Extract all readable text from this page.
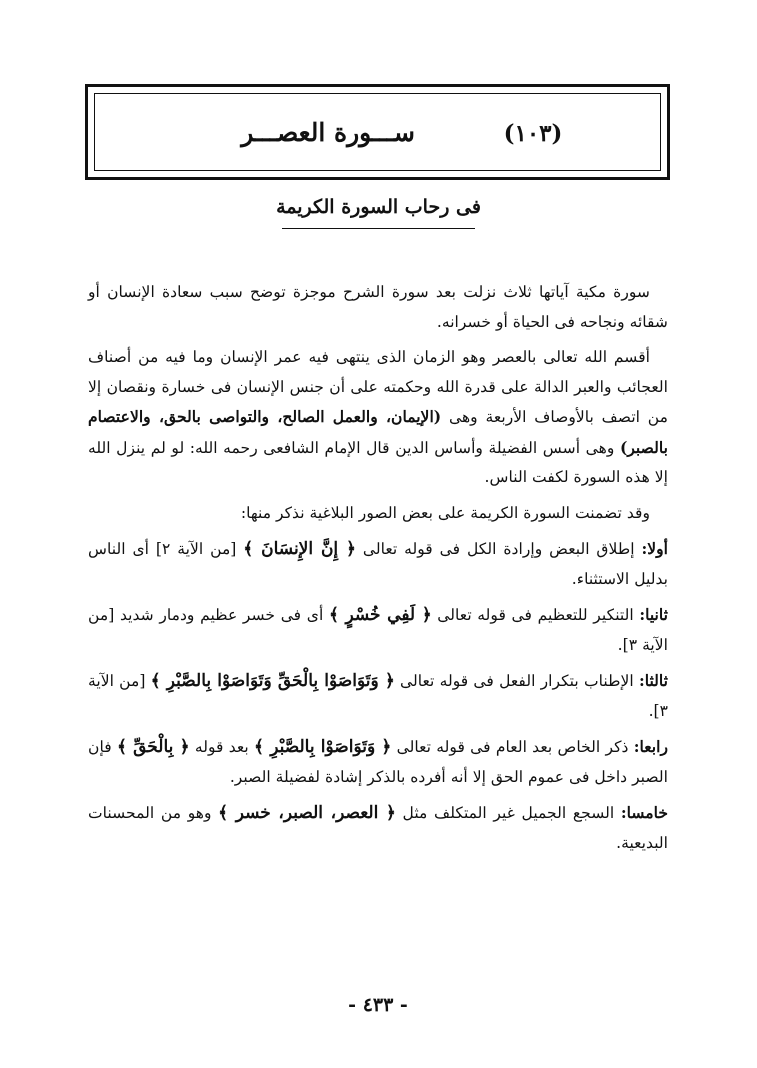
(١٠٣)
ســـورة العصـــر
فى رحاب السورة الكريمة

سورة مكية آياتها ثلاث نزلت بعد سورة الشرح موجزة توضح سبب سعادة الإنسان أو شقائه ونجاحه فى الحياة أو خسرانه.

أقسم الله تعالى بالعصر وهو الزمان الذى ينتهى فيه عمر الإنسان وما فيه من أصناف العجائب والعبر الدالة على قدرة الله وحكمته على أن جنس الإنسان فى خسارة ونقصان إلا من اتصف بالأوصاف الأربعة وهى (الإيمان، والعمل الصالح، والتواصى بالحق، والاعتصام بالصبر) وهى أسس الفضيلة وأساس الدين قال الإمام الشافعى رحمه الله: لو لم ينزل الله إلا هذه السورة لكفت الناس.

وقد تضمنت السورة الكريمة على بعض الصور البلاغية نذكر منها:

أولا: إطلاق البعض وإرادة الكل فى قوله تعالى ﴿ إِنَّ الإِنسَانَ ﴾ [من الآية ٢] أى الناس بدليل الاستثناء.

ثانيا: التنكير للتعظيم فى قوله تعالى ﴿ لَفِي خُسْرٍ ﴾ أى فى خسر عظيم ودمار شديد [من الآية ٣].

ثالثا: الإطناب بتكرار الفعل فى قوله تعالى ﴿ وَتَوَاصَوْا بِالْحَقِّ وَتَوَاصَوْا بِالصَّبْرِ ﴾ [من الآية ٣].

رابعا: ذكر الخاص بعد العام فى قوله تعالى ﴿ وَتَوَاصَوْا بِالصَّبْرِ ﴾ بعد قوله ﴿ بِالْحَقِّ ﴾ فإن الصبر داخل فى عموم الحق إلا أنه أفرده بالذكر إشادة لفضيلة الصبر.

خامسا: السجع الجميل غير المتكلف مثل ﴿ العصر، الصبر، خسر ﴾ وهو من المحسنات البديعية.

- ٤٣٣ -
